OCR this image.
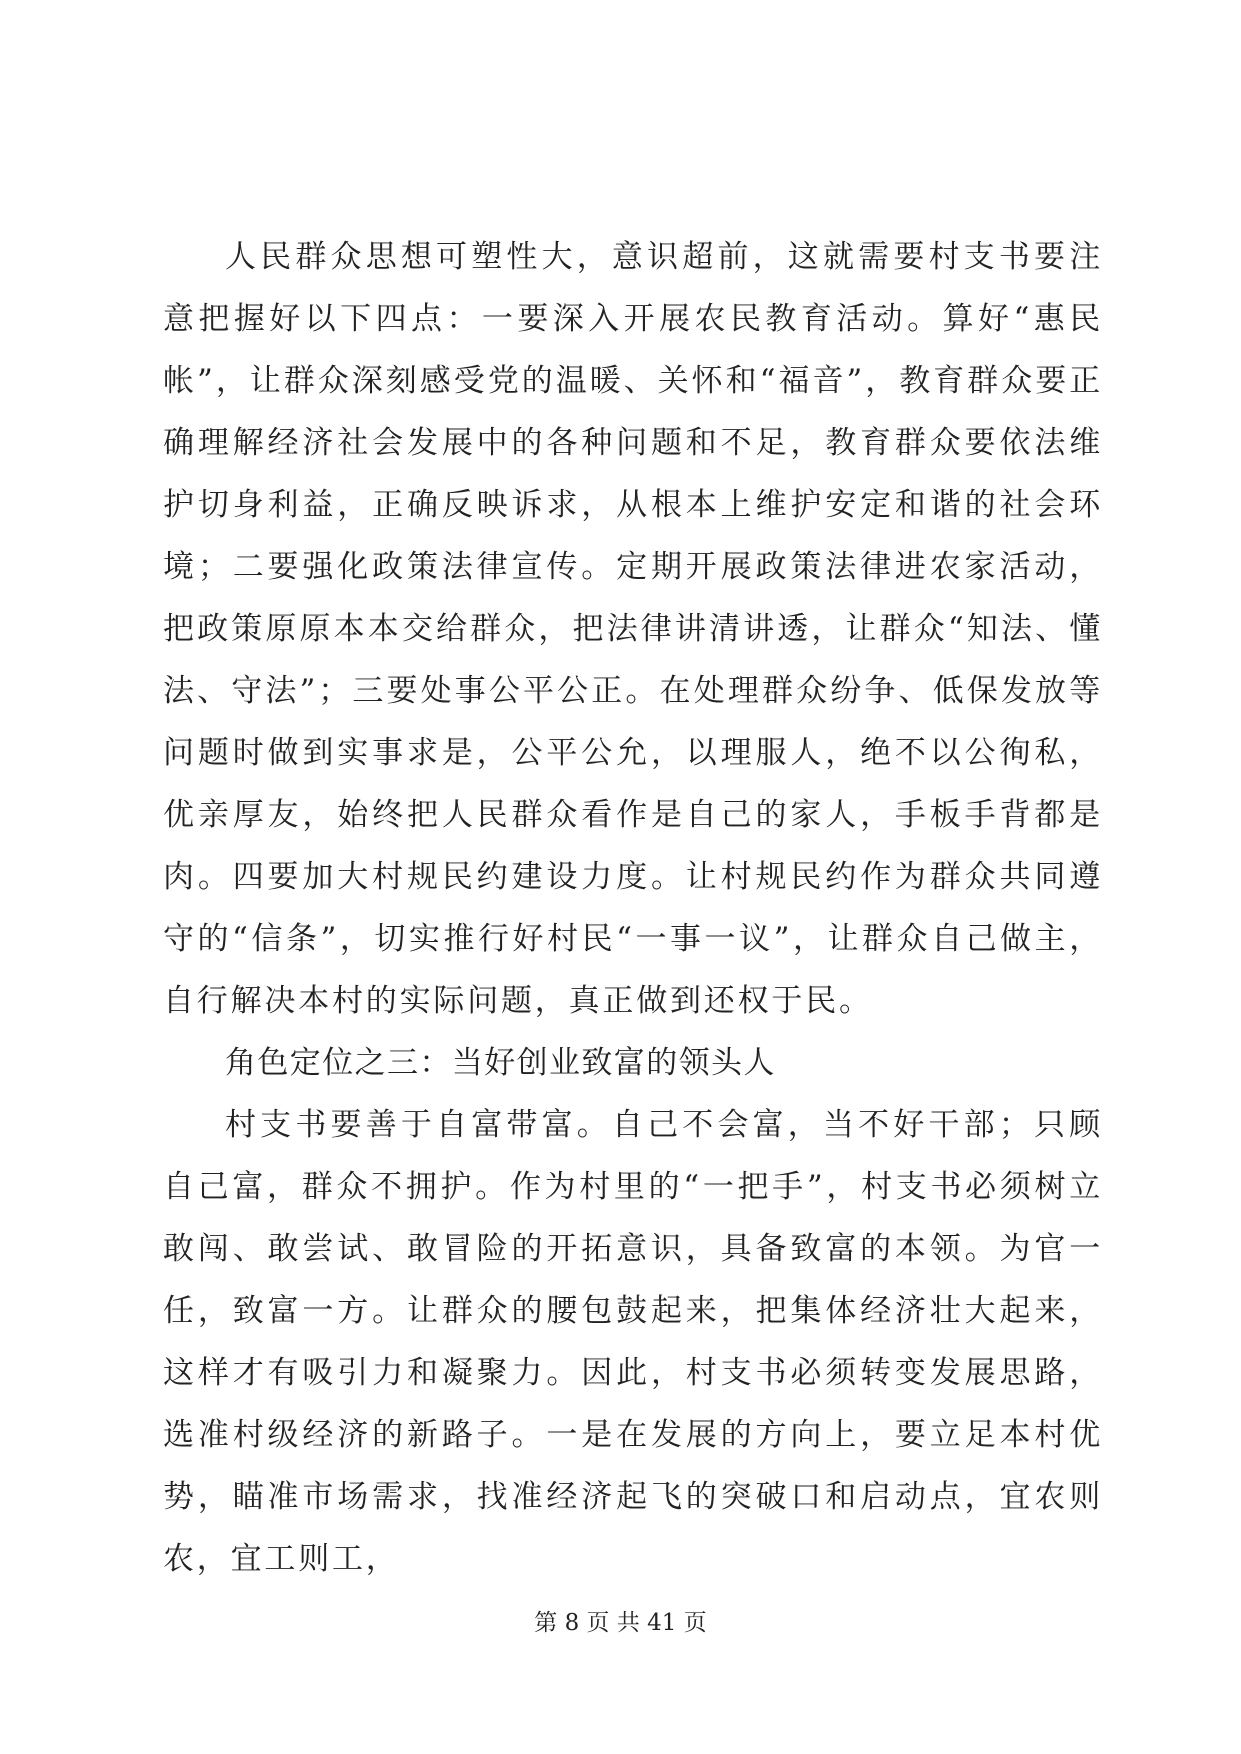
人民群众思想可塑性大，意识超前，这就需要村支书要注意把握好以下四点：一要深入开展农民教育活动。算好“惠民帐”，让群众深刻感受党的温暖、关怀和“福音”，教育群众要正确理解经济社会发展中的各种问题和不足，教育群众要依法维护切身利益，正确反映诉求，从根本上维护安定和谐的社会环境；二要强化政策法律宣传。定期开展政策法律进农家活动，把政策原原本本交给群众，把法律讲清讲透，让群众“知法、懂法、守法”；三要处事公平公正。在处理群众纷争、低保发放等问题时做到实事求是，公平公允，以理服人，绝不以公徇私，优亲厚友，始终把人民群众看作是自己的家人，手板手背都是肉。四要加大村规民约建设力度。让村规民约作为群众共同遵守的“信条”，切实推行好村民“一事一议”，让群众自己做主，自行解决本村的实际问题，真正做到还权于民。

角色定位之三：当好创业致富的领头人

村支书要善于自富带富。自己不会富，当不好干部；只顾自己富，群众不拥护。作为村里的“一把手”，村支书必须树立敢闯、敢尝试、敢冒险的开拓意识，具备致富的本领。为官一任，致富一方。让群众的腰包鼓起来，把集体经济壮大起来，这样才有吸引力和凝聚力。因此，村支书必须转变发展思路，选准村级经济的新路子。一是在发展的方向上，要立足本村优势，瞄准市场需求，找准经济起飞的突破口和启动点，宜农则农，宜工则工，

第 8 页 共 41 页
